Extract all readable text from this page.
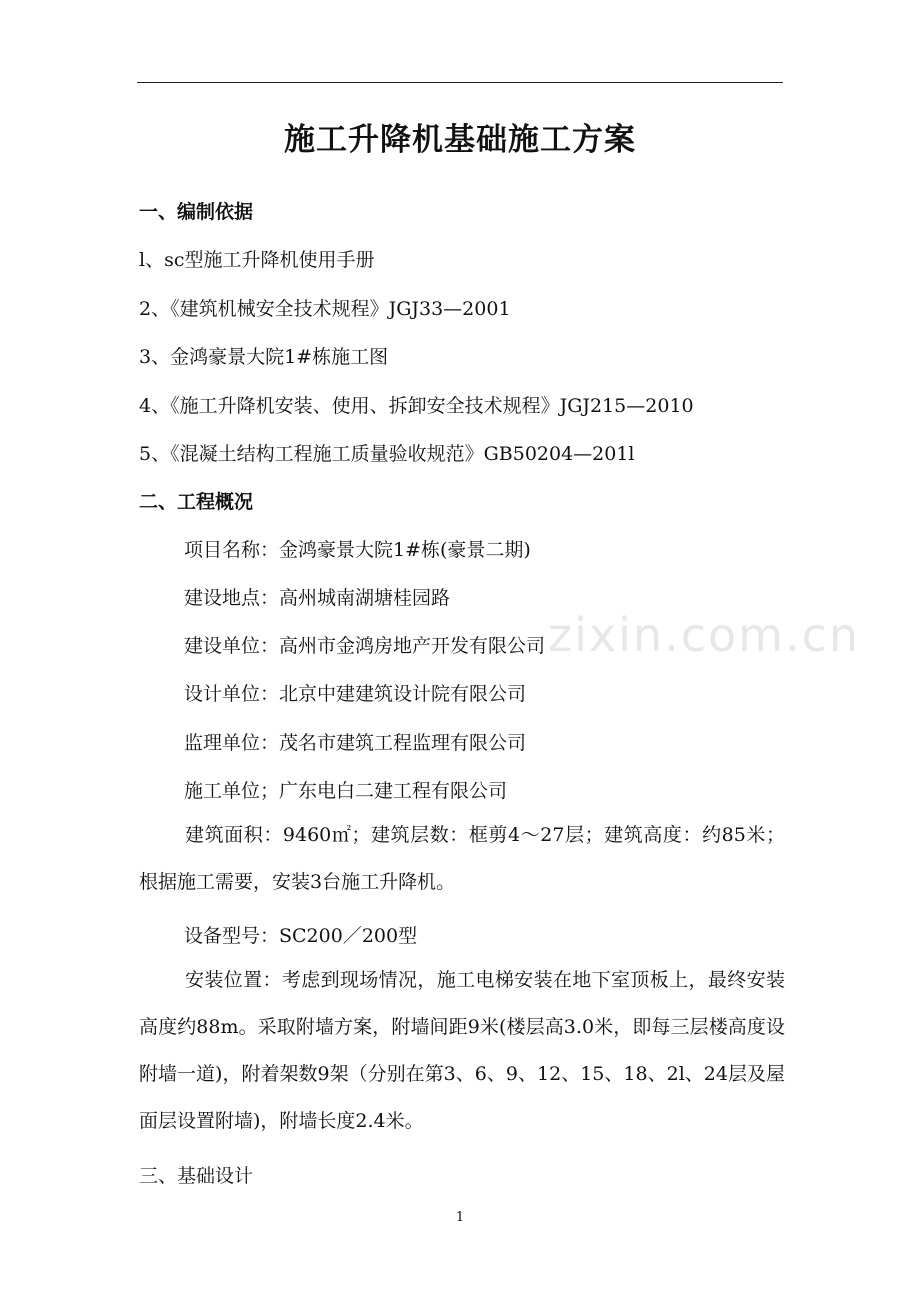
施工升降机基础施工方案
一、编制依据
l、sc型施工升降机使用手册
2、《建筑机械安全技术规程》JGJ33—2001
3、金鸿豪景大院1#栋施工图
4、《施工升降机安装、使用、拆卸安全技术规程》JGJ215—2010
5、《混凝土结构工程施工质量验收规范》GB50204—201l
二、工程概况
项目名称：金鸿豪景大院1#栋(豪景二期)
建设地点：高州城南湖塘桂园路
建设单位：高州市金鸿房地产开发有限公司
设计单位：北京中建建筑设计院有限公司
监理单位：茂名市建筑工程监理有限公司
施工单位；广东电白二建工程有限公司
建筑面积：9460㎡；建筑层数：框剪4～27层；建筑高度：约85米；根据施工需要，安装3台施工升降机。
设备型号：SC200／200型
安装位置：考虑到现场情况，施工电梯安装在地下室顶板上，最终安装高度约88m。采取附墙方案，附墙间距9米(楼层高3.0米，即每三层楼高度设附墙一道)，附着架数9架（分别在第3、6、9、12、15、18、2l、24层及屋面层设置附墙)，附墙长度2.4米。
三、基础设计
zixin.com.cn
1
